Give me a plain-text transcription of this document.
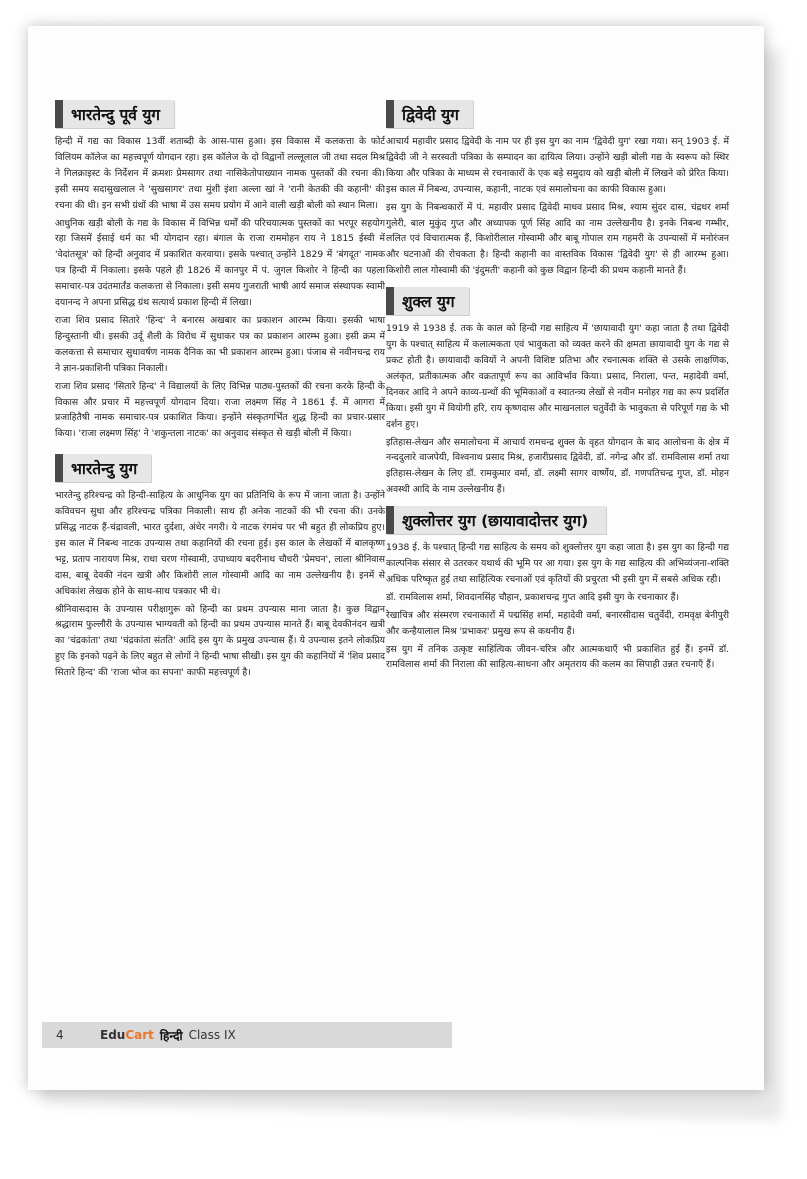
भारतेन्दु पूर्व युग

हिन्दी में गद्य का विकास 13वीं शताब्दी के आस-पास हुआ। इस विकास में कलकत्ता के फोर्ट विलियम कॉलेज का महत्त्वपूर्ण योगदान रहा। इस कॉलेज के दो विद्वानों लल्लूलाल जी तथा सदल मिश्र ने गिलक्राइस्ट के निर्देशन में क्रमशः प्रेमसागर तथा नासिकेतोपाख्यान नामक पुस्तकों की रचना की। इसी समय सदासुखलाल ने 'सुखसागर' तथा मुंशी इंशा अल्ला खां ने 'रानी केतकी की कहानी' की रचना की थी। इन सभी ग्रंथों की भाषा में उस समय प्रयोग में आने वाली खड़ी बोली को स्थान मिला।

आधुनिक खड़ी बोली के गद्य के विकास में विभिन्न धर्मों की परिचयात्मक पुस्तकों का भरपूर सहयोग रहा जिसमें ईसाई धर्म का भी योगदान रहा। बंगाल के राजा राममोहन राय ने 1815 ईस्वी में 'वेदांतसूत्र' को हिन्दी अनुवाद में प्रकाशित करवाया। इसके पश्चात् उन्होंने 1829 में 'बंगदूत' नामक पत्र हिन्दी में निकाला। इसके पहले ही 1826 में कानपुर में पं. जुगल किशोर ने हिन्दी का पहला समाचार-पत्र उदंतमार्तंड कलकत्ता से निकाला। इसी समय गुजराती भाषी आर्य समाज संस्थापक स्वामी दयानन्द ने अपना प्रसिद्ध ग्रंथ सत्यार्थ प्रकाश हिन्दी में लिखा।

राजा शिव प्रसाद सितारे 'हिन्द' ने बनारस अखबार का प्रकाशन आरम्भ किया। इसकी भाषा हिन्दुस्तानी थी। इसकी उर्दू शैली के विरोध में सुधाकर पत्र का प्रकाशन आरम्भ हुआ। इसी क्रम में कलकत्ता से समाचार सुधावर्षण नामक दैनिक का भी प्रकाशन आरम्भ हुआ। पंजाब से नवीनचन्द्र राय ने ज्ञान-प्रकाशिनी पत्रिका निकाली।

राजा शिव प्रसाद 'सितारे हिन्द' ने विद्यालयों के लिए विभिन्न पाठ्य-पुस्तकों की रचना करके हिन्दी के विकास और प्रचार में महत्त्वपूर्ण योगदान दिया। राजा लक्ष्मण सिंह ने 1861 ई. में आगरा में प्रजाहितैषी नामक समाचार-पत्र प्रकाशित किया। इन्होंने संस्कृतगर्भित शुद्ध हिन्दी का प्रचार-प्रसार किया। 'राजा लक्ष्मण सिंह' ने 'शकुन्तला नाटक' का अनुवाद संस्कृत से खड़ी बोली में किया।

भारतेन्दु युग

भारतेन्दु हरिश्चन्द्र को हिन्दी-साहित्य के आधुनिक युग का प्रतिनिधि के रूप में जाना जाता है। उन्होंने कविवचन सुधा और हरिश्चन्द्र पत्रिका निकाली। साथ ही अनेक नाटकों की भी रचना की। उनके प्रसिद्ध नाटक हैं-चंद्रावली, भारत दुर्दशा, अंधेर नगरी। ये नाटक रंगमंच पर भी बहुत ही लोकप्रिय हुए। इस काल में निबन्ध नाटक उपन्यास तथा कहानियों की रचना हुई। इस काल के लेखकों में बालकृष्ण भट्ट, प्रताप नारायण मिश्र, राधा चरण गोस्वामी, उपाध्याय बदरीनाथ चौधरी 'प्रेमघन', लाला श्रीनिवास दास, बाबू देवकी नंदन खत्री और किशोरी लाल गोस्वामी आदि का नाम उल्लेखनीय है। इनमें से अधिकांश लेखक होने के साथ-साथ पत्रकार भी थे।

श्रीनिवासदास के उपन्यास परीक्षागुरू को हिन्दी का प्रथम उपन्यास माना जाता है। कुछ विद्वान श्रद्धाराम फुल्लौरी के उपन्यास भाग्यवती को हिन्दी का प्रथम उपन्यास मानते हैं। बाबू देवकीनंदन खत्री का 'चंद्रकांता' तथा 'चंद्रकांता संतति' आदि इस युग के प्रमुख उपन्यास हैं। ये उपन्यास इतने लोकप्रिय हुए कि इनको पढ़ने के लिए बहुत से लोगों ने हिन्दी भाषा सीखी। इस युग की कहानियों में 'शिव प्रसाद सितारे हिन्द' की 'राजा भोज का सपना' काफी महत्त्वपूर्ण है।

द्विवेदी युग

आचार्य महावीर प्रसाद द्विवेदी के नाम पर ही इस युग का नाम 'द्विवेदी युग' रखा गया। सन् 1903 ई. में द्विवेदी जी ने सरस्वती पत्रिका के सम्पादन का दायित्व लिया। उन्होंने खड़ी बोली गद्य के स्वरूप को स्थिर किया और पत्रिका के माध्यम से रचनाकारों के एक बड़े समुदाय को खड़ी बोली में लिखने को प्रेरित किया। इस काल में निबन्ध, उपन्यास, कहानी, नाटक एवं समालोचना का काफी विकास हुआ।

इस युग के निबन्धकारों में पं. महावीर प्रसाद द्विवेदी माधव प्रसाद मिश्र, श्याम सुंदर दास, चंद्रधर शर्मा गुलेरी, बाल मुकुंद गुप्त और अध्यापक पूर्ण सिंह आदि का नाम उल्लेखनीय है। इनके निबन्ध गम्भीर, ललित एवं विचारात्मक हैं, किशोरीलाल गोस्वामी और बाबू गोपाल राम गहमरी के उपन्यासों में मनोरंजन और घटनाओं की रोचकता है। हिन्दी कहानी का वास्तविक विकास 'द्विवेदी युग' से ही आरम्भ हुआ। किशोरी लाल गोस्वामी की 'इंदुमती' कहानी को कुछ विद्वान हिन्दी की प्रथम कहानी मानते हैं।

शुक्ल युग

1919 से 1938 ई. तक के काल को हिन्दी गद्य साहित्य में 'छायावादी युग' कहा जाता है तथा द्विवेदी युग के पश्चात् साहित्य में कलात्मकता एवं भावुकता को व्यक्त करने की क्षमता छायावादी युग के गद्य से प्रकट होती है। छायावादी कवियों ने अपनी विशिष्ट प्रतिभा और रचनात्मक शक्ति से उसके लाक्षणिक, अलंकृत, प्रतीकात्मक और वक्रतापूर्ण रूप का आविर्भाव किया। प्रसाद, निराला, पन्त, महादेवी वर्मा, दिनकर आदि ने अपने काव्य-ग्रन्थों की भूमिकाओं व स्वातन्त्र्य लेखों से नवीन मनोहर गद्य का रूप प्रदर्शित किया। इसी युग में वियोगी हरि, राय कृष्णदास और माखनलाल चतुर्वेदी के भावुकता से परिपूर्ण गद्य के भी दर्शन हुए।

इतिहास-लेखन और समालोचना में आचार्य रामचन्द्र शुक्ल के वृहत योगदान के बाद आलोचना के क्षेत्र में नन्ददुलारे वाजपेयी, विश्वनाथ प्रसाद मिश्र, हजारीप्रसाद द्विवेदी, डॉ. नगेन्द्र और डॉ. रामविलास शर्मा तथा इतिहास-लेखन के लिए डॉ. रामकुमार वर्मा, डॉ. लक्ष्मी सागर वार्ष्णेय, डॉ. गणपतिचन्द्र गुप्त, डॉ. मोहन अवस्थी आदि के नाम उल्लेखनीय हैं।

शुक्लोत्तर युग (छायावादोत्तर युग)

1938 ई. के पश्चात् हिन्दी गद्य साहित्य के समय को शुक्लोत्तर युग कहा जाता है। इस युग का हिन्दी गद्य काल्पनिक संसार से उतरकर यथार्थ की भूमि पर आ गया। इस युग के गद्य साहित्य की अभिव्यंजना-शक्ति अधिक परिष्कृत हुई तथा साहित्यिक रचनाओं एवं कृतियों की प्रचुरता भी इसी युग में सबसे अधिक रही।

डॉ. रामविलास शर्मा, शिवदानसिंह चौहान, प्रकाशचन्द्र गुप्त आदि इसी युग के रचनाकार हैं।

रेखाचित्र और संस्मरण रचनाकारों में पद्मसिंह शर्मा, महादेवी वर्मा, बनारसीदास चतुर्वेदी, रामवृक्ष बेनीपुरी और कन्हैयालाल मिश्र 'प्रभाकर' प्रमुख रूप से कथनीय हैं।

इस युग में तनिक उत्कृष्ट साहित्यिक जीवन-चरित्र और आत्मकथाएँ भी प्रकाशित हुई हैं। इनमें डॉ. रामविलास शर्मा की निराला की साहित्य-साधना और अमृतराय की कलम का सिपाही उन्नत रचनाएँ हैं।

4	EduCart हिन्दी Class IX
